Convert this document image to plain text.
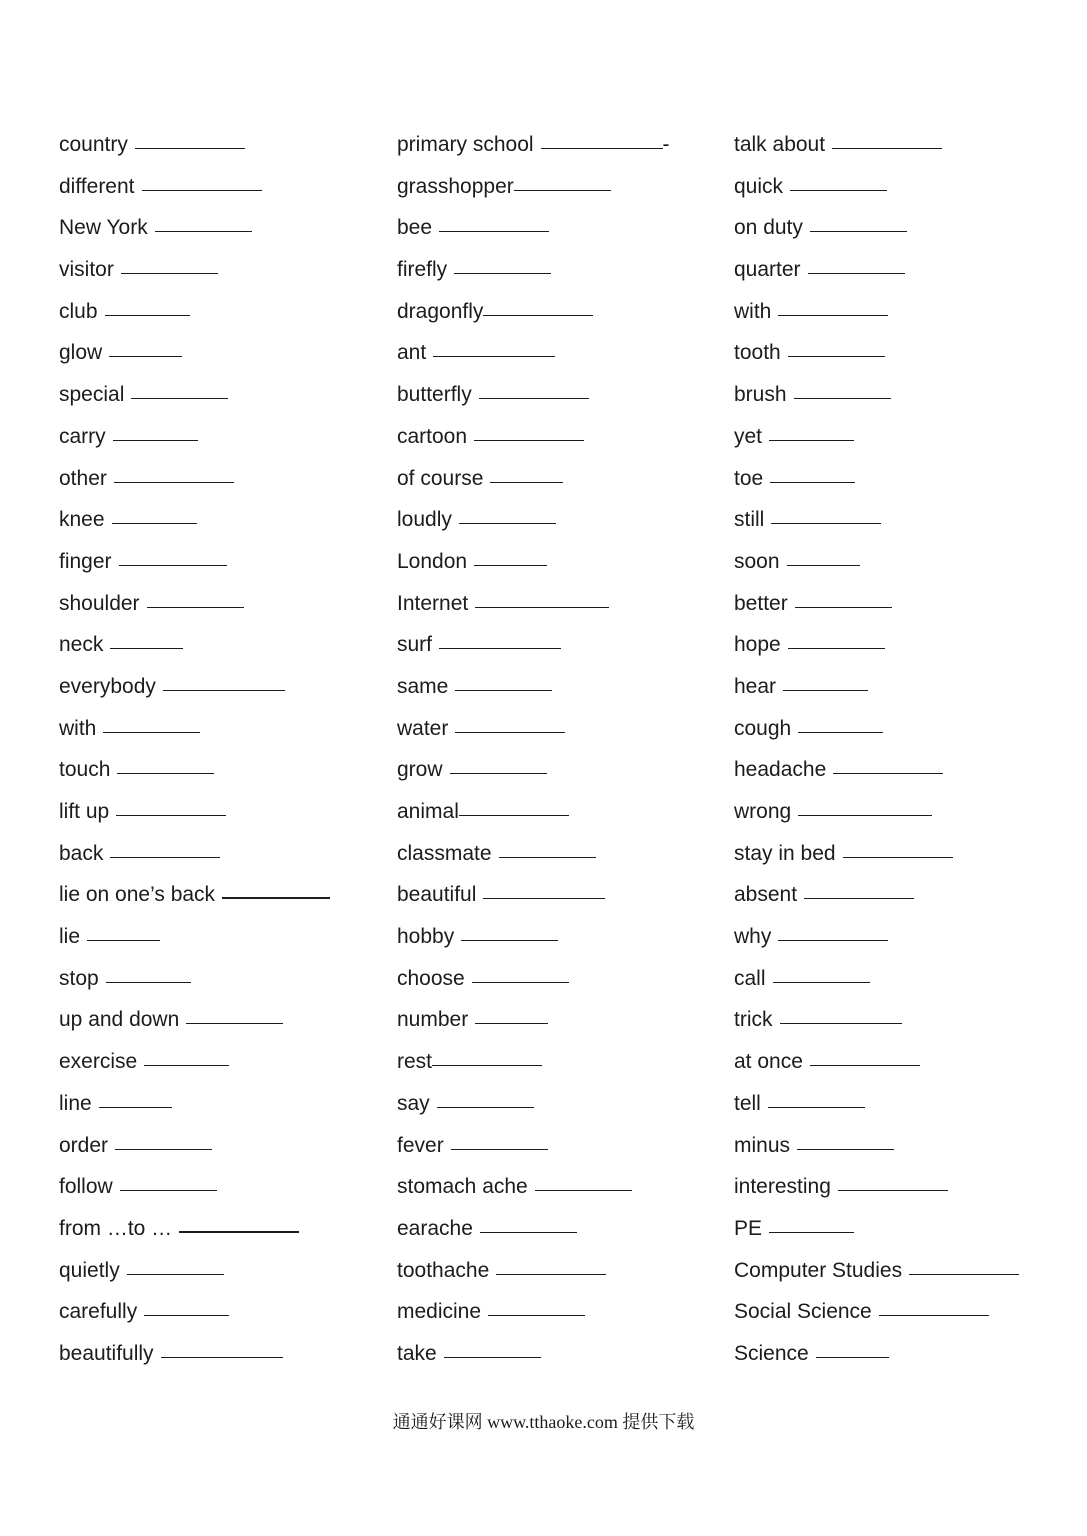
country
different
New York
visitor
club
glow
special
carry
other
knee
finger
shoulder
neck
everybody
with
touch
lift up
back
lie on one’s back
lie
stop
up and down
exercise
line
order
follow
from …to …
quietly
carefully
beautifully
primary school	-
grasshopper
bee
firefly
dragonfly
ant
butterfly
cartoon
of course
loudly
London
Internet
surf
same
water
grow
animal
classmate
beautiful
hobby
choose
number
rest
say
fever
stomach ache
earache
toothache
medicine
take
talk about
quick
on duty
quarter
with
tooth
brush
yet
toe
still
soon
better
hope
hear
cough
headache
wrong
stay in bed
absent
why
call
trick
at once
tell
minus
interesting
PE
Computer Studies
Social Science
Science
通通好课网 www.tthaoke.com 提供下载
